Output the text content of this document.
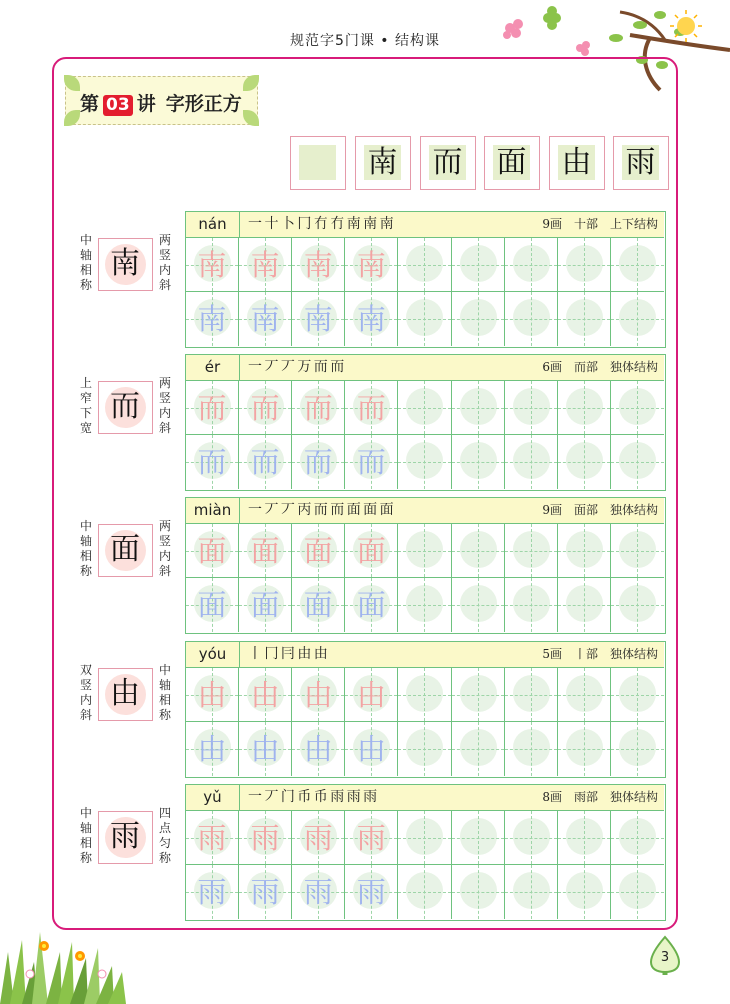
规范字5门课 • 结构课
第 03 讲 字形正方
南 而 面 由 雨
中轴相称
南
两竖内斜
nán	一 十 卜 冂 冇 冇 南 南 南	9画 十部 上下结构
南 南 南 南
南 南 南 南
上窄下宽
而
两竖内斜
ér	一 丆 丆 万 而 而	6画 而部 独体结构
而 而 而 而
而 而 而 而
中轴相称
面
两竖内斜
miàn	一 丆 丆 丙 而 而 面 面 面	9画 面部 独体结构
面 面 面 面
面 面 面 面
双竖内斜
由
中轴相称
yóu	丨 冂 冃 由 由	5画 丨部 独体结构
由 由 由 由
由 由 由 由
中轴相称
雨
四点匀称
yǔ	一 丆 门 币 币 雨 雨 雨	8画 雨部 独体结构
雨 雨 雨 雨
雨 雨 雨 雨
3
